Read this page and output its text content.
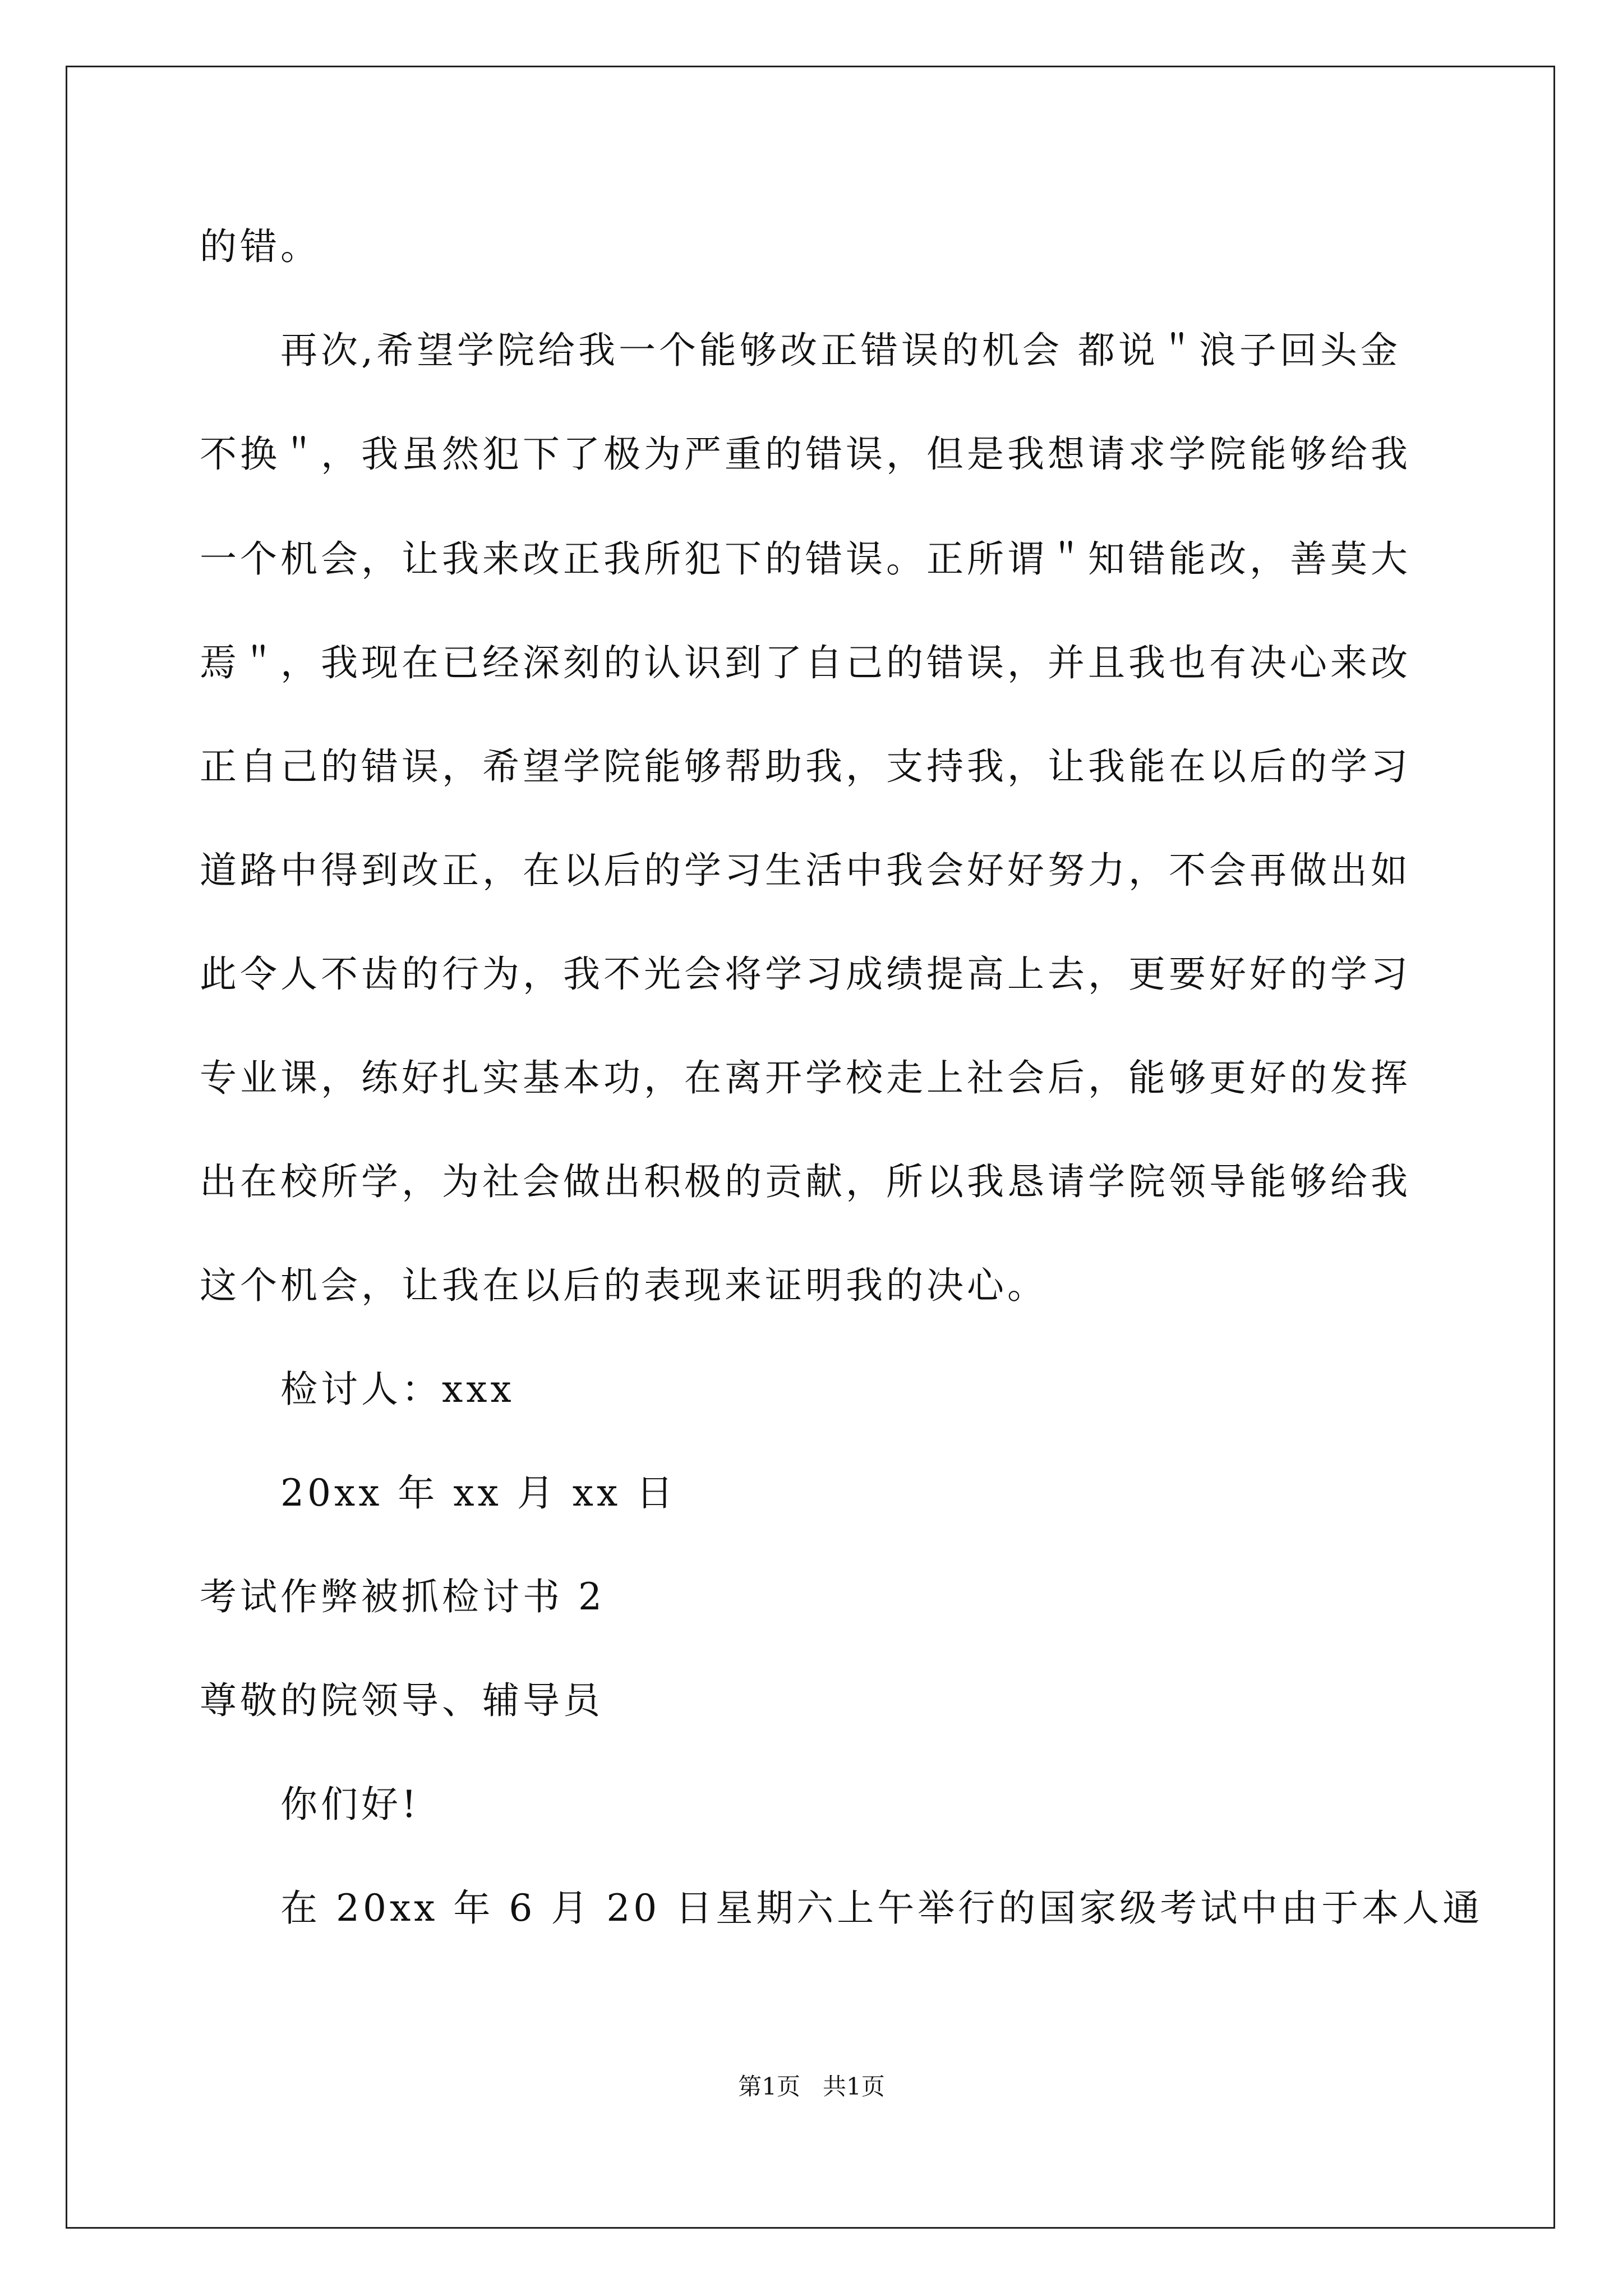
的错。
再次,希望学院给我一个能够改正错误的机会 都说＂浪子回头金
不换＂，我虽然犯下了极为严重的错误，但是我想请求学院能够给我
一个机会，让我来改正我所犯下的错误。正所谓＂知错能改，善莫大
焉＂，我现在已经深刻的认识到了自己的错误，并且我也有决心来改
正自己的错误，希望学院能够帮助我，支持我，让我能在以后的学习
道路中得到改正，在以后的学习生活中我会好好努力，不会再做出如
此令人不齿的行为，我不光会将学习成绩提高上去，更要好好的学习
专业课，练好扎实基本功，在离开学校走上社会后，能够更好的发挥
出在校所学，为社会做出积极的贡献，所以我恳请学院领导能够给我
这个机会，让我在以后的表现来证明我的决心。
检讨人：xxx
20xx 年 xx 月 xx 日
考试作弊被抓检讨书 2
尊敬的院领导、辅导员
你们好!
在 20xx 年 6 月 20 日星期六上午举行的国家级考试中由于本人通
第1页   共1页
